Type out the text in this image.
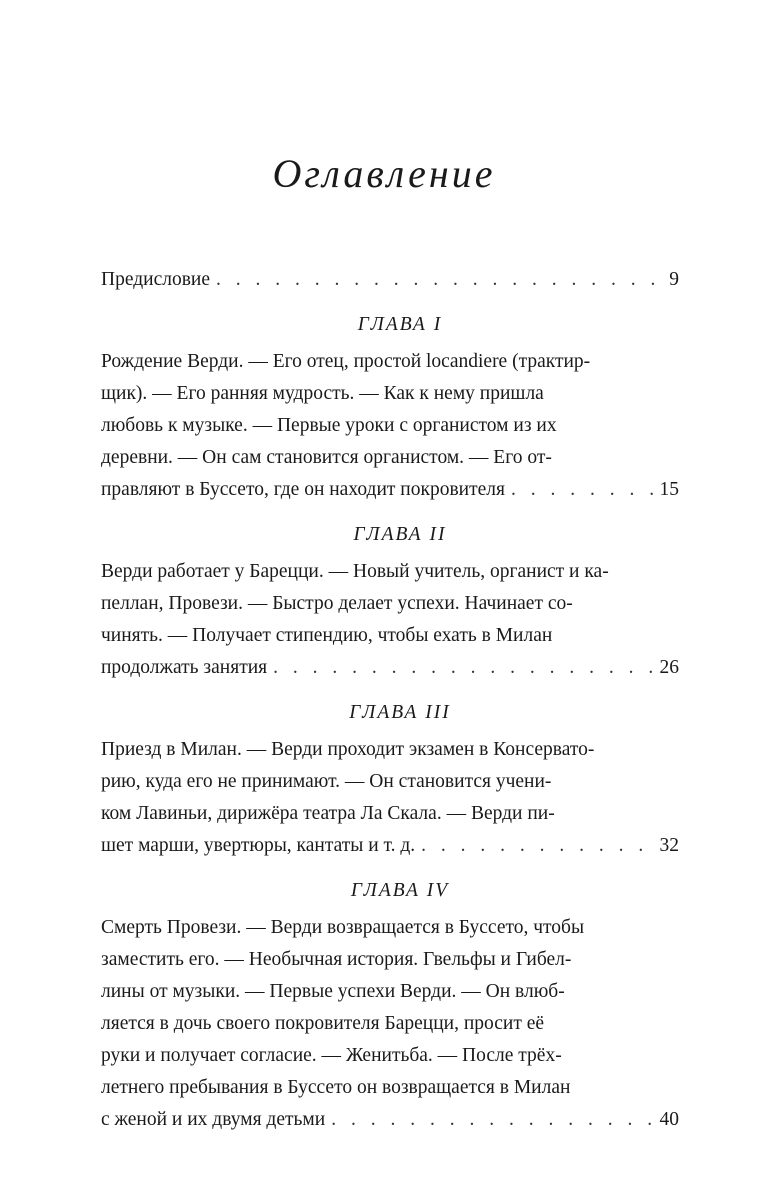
Оглавление
Предисловие . . .	9
ГЛАВА I
Рождение Верди. — Его отец, простой locandiere (трактир-
щик). — Его ранняя мудрость. — Как к нему пришла
любовь к музыке. — Первые уроки с органистом из их
деревни. — Он сам становится органистом. — Его от-
правляют в Буссето, где он находит покровителя . . .	15
ГЛАВА II
Верди работает у Барецци. — Новый учитель, органист и ка-
пеллан, Провези. — Быстро делает успехи. Начинает со-
чинять. — Получает стипендию, чтобы ехать в Милан
продолжать занятия . . .	26
ГЛАВА III
Приезд в Милан. — Верди проходит экзамен в Консервато-
рию, куда его не принимают. — Он становится учени-
ком Лавиньи, дирижёра театра Ла Скала. — Верди пи-
шет марши, увертюры, кантаты и т. д. . . .	32
ГЛАВА IV
Смерть Провези. — Верди возвращается в Буссето, чтобы
заместить его. — Необычная история. Гвельфы и Гибел-
лины от музыки. — Первые успехи Верди. — Он влюб-
ляется в дочь своего покровителя Барецци, просит её
руки и получает согласие. — Женитьба. — После трёх-
летнего пребывания в Буссето он возвращается в Милан
с женой и их двумя детьми . . .	40
